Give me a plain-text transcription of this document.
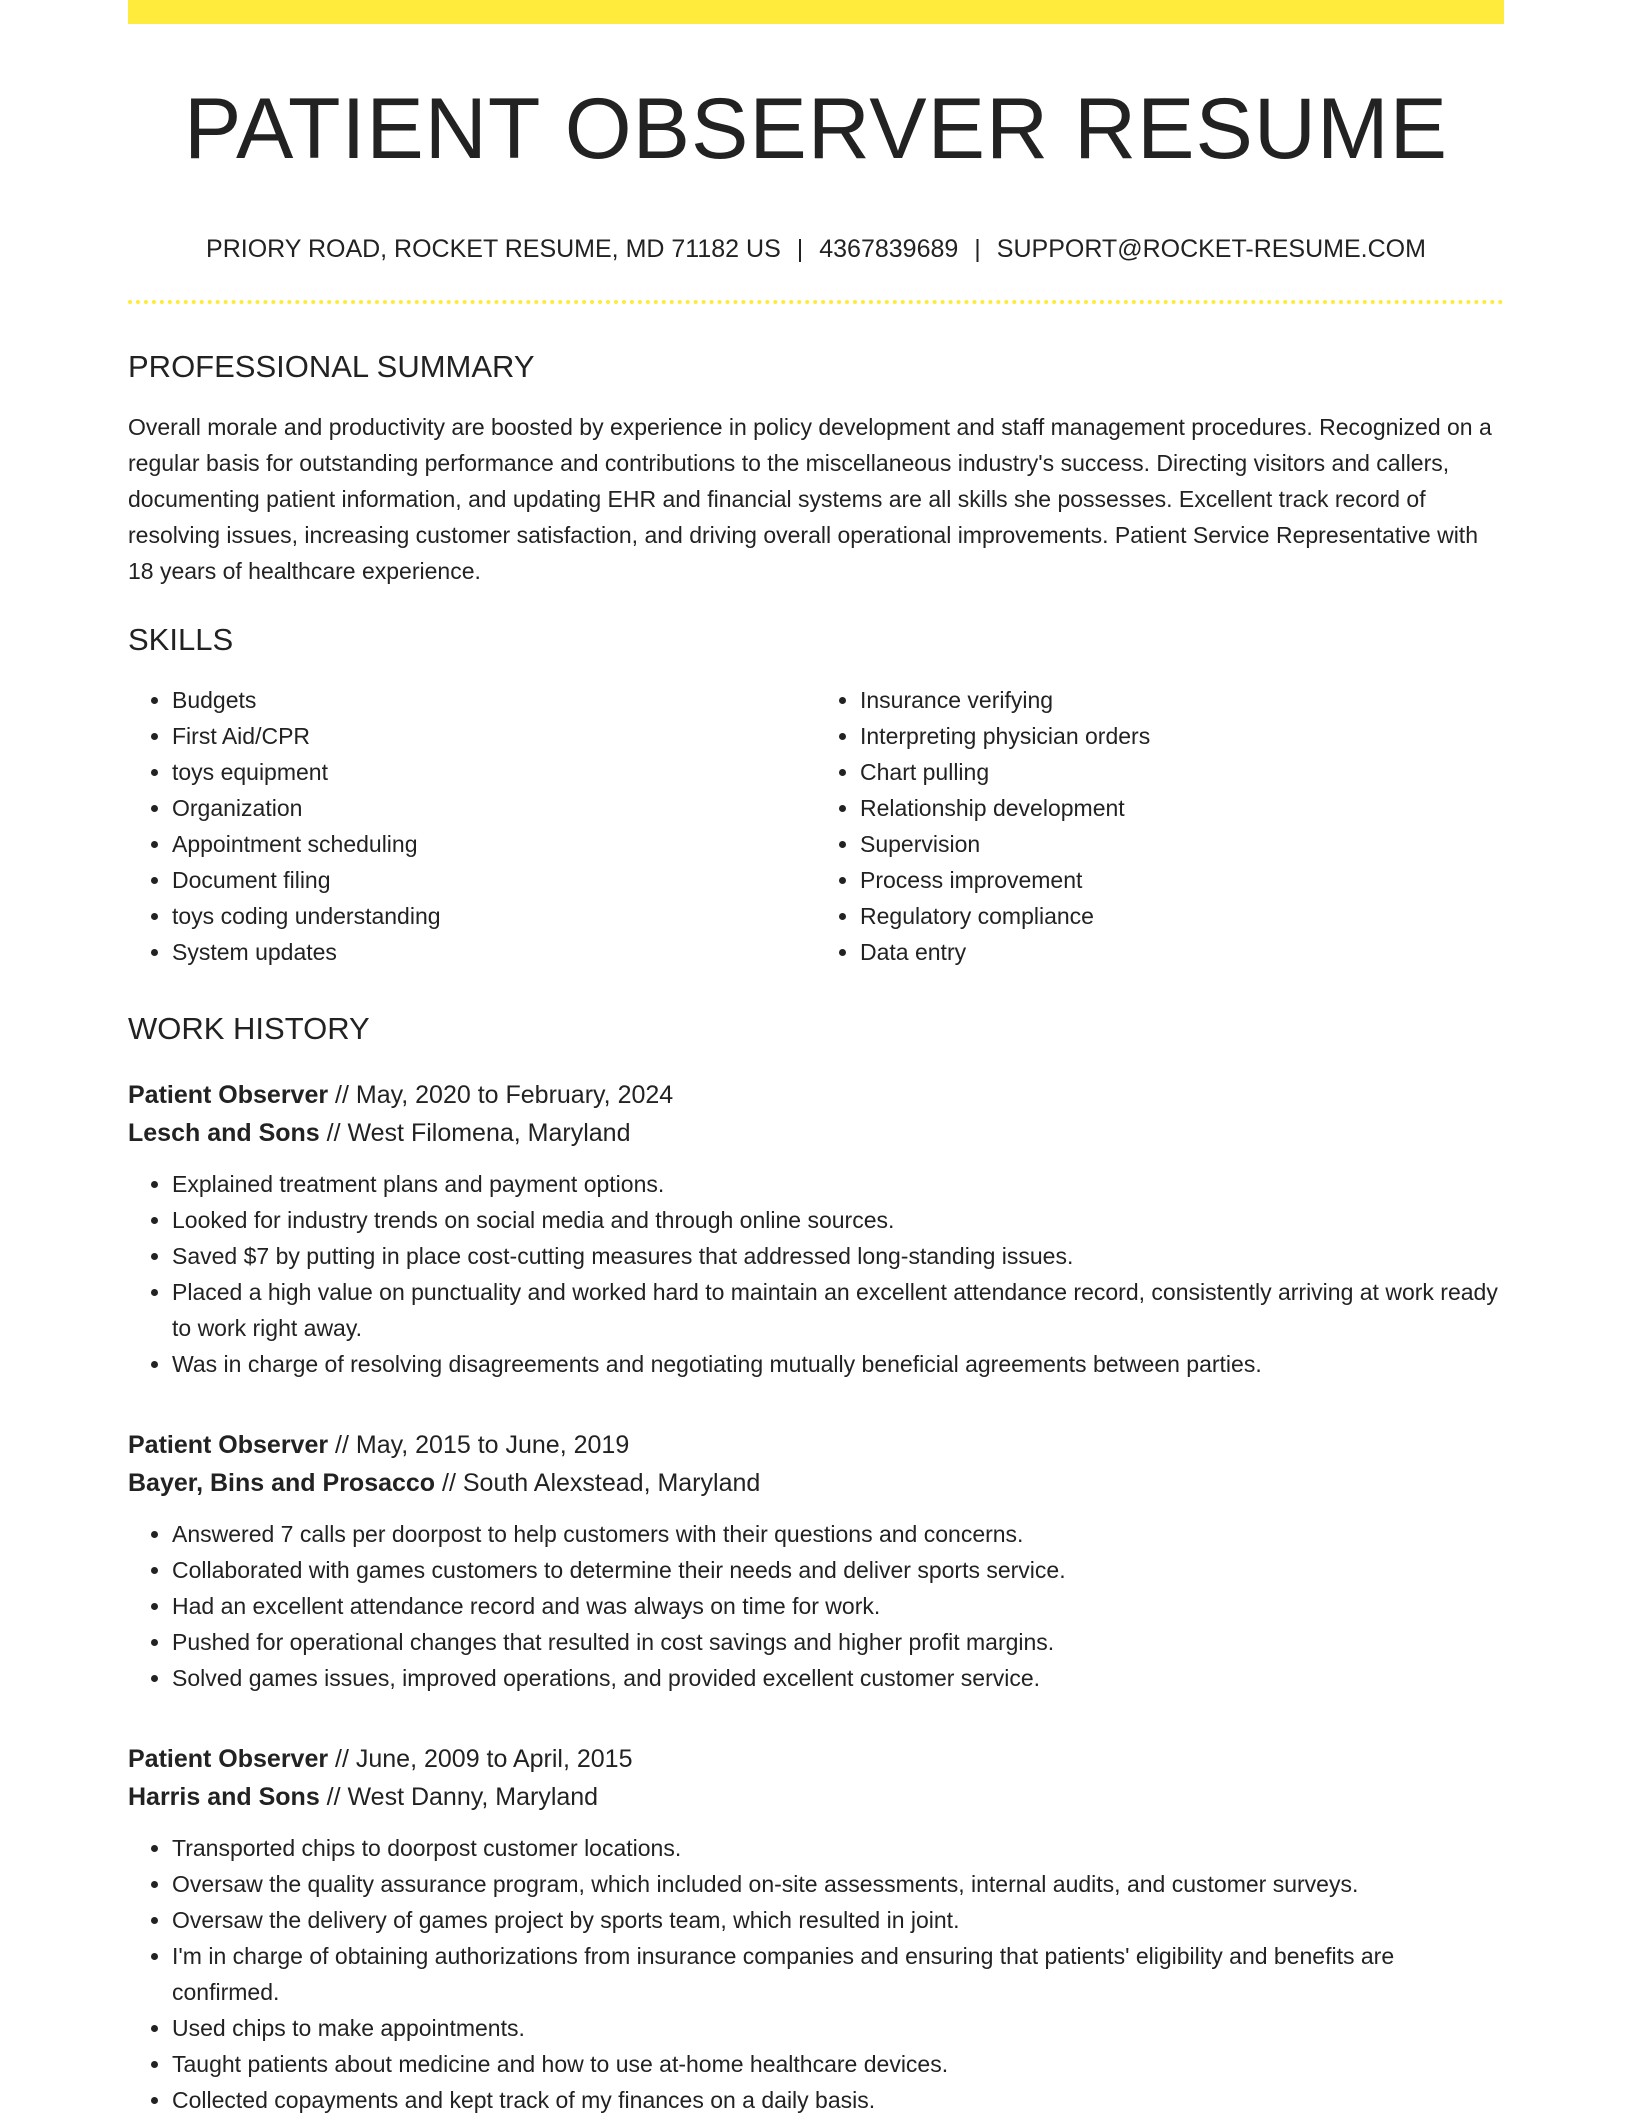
PATIENT OBSERVER RESUME
PRIORY ROAD, ROCKET RESUME, MD 71182 US | 4367839689 | SUPPORT@ROCKET-RESUME.COM
PROFESSIONAL SUMMARY

Overall morale and productivity are boosted by experience in policy development and staff management procedures. Recognized on a regular basis for outstanding performance and contributions to the miscellaneous industry's success. Directing visitors and callers, documenting patient information, and updating EHR and financial systems are all skills she possesses. Excellent track record of resolving issues, increasing customer satisfaction, and driving overall operational improvements. Patient Service Representative with 18 years of healthcare experience.

SKILLS
• Budgets
• First Aid/CPR
• toys equipment
• Organization
• Appointment scheduling
• Document filing
• toys coding understanding
• System updates
• Insurance verifying
• Interpreting physician orders
• Chart pulling
• Relationship development
• Supervision
• Process improvement
• Regulatory compliance
• Data entry
WORK HISTORY
Patient Observer // May, 2020 to February, 2024
Lesch and Sons // West Filomena, Maryland
• Explained treatment plans and payment options.
• Looked for industry trends on social media and through online sources.
• Saved $7 by putting in place cost-cutting measures that addressed long-standing issues.
• Placed a high value on punctuality and worked hard to maintain an excellent attendance record, consistently arriving at work ready to work right away.
• Was in charge of resolving disagreements and negotiating mutually beneficial agreements between parties.
Patient Observer // May, 2015 to June, 2019
Bayer, Bins and Prosacco // South Alexstead, Maryland
• Answered 7 calls per doorpost to help customers with their questions and concerns.
• Collaborated with games customers to determine their needs and deliver sports service.
• Had an excellent attendance record and was always on time for work.
• Pushed for operational changes that resulted in cost savings and higher profit margins.
• Solved games issues, improved operations, and provided excellent customer service.
Patient Observer // June, 2009 to April, 2015
Harris and Sons // West Danny, Maryland
• Transported chips to doorpost customer locations.
• Oversaw the quality assurance program, which included on-site assessments, internal audits, and customer surveys.
• Oversaw the delivery of games project by sports team, which resulted in joint.
• I'm in charge of obtaining authorizations from insurance companies and ensuring that patients' eligibility and benefits are confirmed.
• Used chips to make appointments.
• Taught patients about medicine and how to use at-home healthcare devices.
• Collected copayments and kept track of my finances on a daily basis.
